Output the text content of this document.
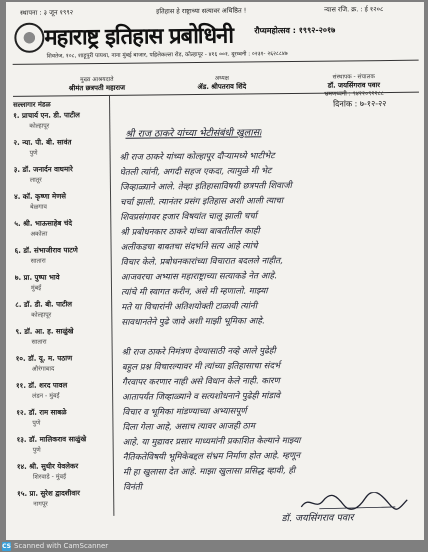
स्थापना : ३ जून १९९२	इतिहास हे राष्ट्राच्या सत्यावर अधिष्ठित !	न्यास रजि. क्र. : ई १२०८
महाराष्ट्र इतिहास प्रबोधिनी	रौप्यमहोत्सव : १९९२-२०१७
शिवतेज, १०८, शाहूपुरी पायथा, नाना मुंबई बाजार, पहिलेकल्ला रोड, कोल्हापूर - ४१६ ००१. दूरध्वनी : ०२३१- २६२८८४७
मुख्य आश्रयदाते
श्रीमंत छत्रपती महाराज
अध्यक्ष
ॲड. श्रीपतराव शिंदे
संस्थापक - संचालक
डॉ. जयसिंगराव पवार
भ्रमणध्वनी : ९४२२०९२२८८
सल्लागार मंडळ
१. प्राचार्य एन. डी. पाटील
कोल्हापूर
२. न्या. पी. बी. सावंत
पुणे
३. डॉ. जनार्दन वाघमारे
लातूर
४. कॉ. कृष्णा मेणसे
बेळगाव
५. श्री. भाऊसाहेब चंदे
अकोला
६. डॉ. संभाजीराव पाटणे
सातारा
७. प्रा. पुष्पा भावे
मुंबई
८. डॉ. डी. बी. पाटील
कोल्हापूर
९. डॉ. आ. ह. साळुंखे
सातारा
१०. डॉ. यू. म. पठाण
औरंगाबाद
११. डॉ. शरद पावल
लंडन - मुंबई
१२. डॉ. राम साबळे
पुणे
१३. डॉ. मालिकराव साळुंखे
पुणे
१४. श्री. सुधीर येवलेकर
शिरवाडे - मुंबई
१५. प्रा. सुरेश द्वादशीवार
नागपूर
दिनांक : ७-१२-२२
श्री राज ठाकरे यांच्या भेटीसंबंधी खुलासा
श्री राज ठाकरे यांच्या कोल्हापूर दौऱ्यामध्ये भाटीभेट
घेतली त्यांनी, अगदी सहज एकदा, त्यामुळे मी भेट
जिव्हाळ्याने आले. तेव्हा इतिहासाविषयी छत्रपती शिवाजी
चर्चा झाली. त्यानंतर प्रसंग इतिहास अशी आली त्याचा
शिवप्रसंगावर हजार विषयांत चालू झाली चर्चा
श्री प्रबोधनकार ठाकरे यांच्या बाबतीतील काही
अलीकडचा बाबतचा संदर्भाने सत्य आहे त्यांचे
विचार केले. प्रबोधनकारांच्या विचारात बदलले नाहीत,
आजवरचा अभ्यास महाराष्ट्राच्या सत्याकडे नेत आहे.
त्यांचे मी स्वागत करीन, असे मी म्हणालो. माझ्या
मते या विचारांनी अतिशयोक्ती टाळावी त्यांनी
सावधानतेने पुढे जावे अशी माझी भूमिका आहे.
श्री राज ठाकरे निमंत्रण देण्यासाठी नव्हे आले पुढेही
बहुल प्रश्न विचारल्यावर मी त्यांच्या इतिहासाचा संदर्भ
गैरवापर करणार नाही असे विधान केले नाही. कारण
आतापर्यंत जिव्हाळ्याने व सत्यशोधनाने पुढेही मांडावे
विचार व भूमिका मांडण्याच्या अभ्यासपूर्ण
दिला गेला आहे, असाच त्यावर आजही ठाम
आहे. या मुद्यावर प्रसार माध्यमांनी प्रकाशित केल्याने माझ्या
नैतिकतेविषयी भूमिकेबद्दल संभ्रम निर्माण होत आहे. म्हणून
मी हा खुलासा देत आहे. माझा खुलासा प्रसिद्ध व्हावी, ही
विनंती
डॉ. जयसिंगराव पवार
CS Scanned with CamScanner
